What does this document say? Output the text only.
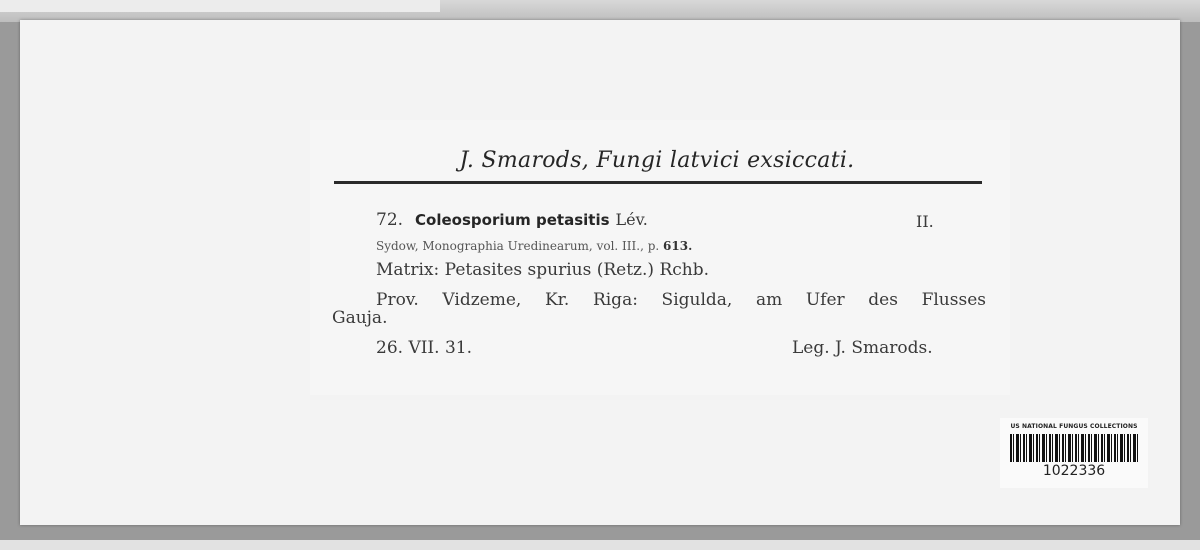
J. Smarods, Fungi latvici exsiccati.
72. Coleosporium petasitis Lév.	II.
Sydow, Monographia Uredinearum, vol. III., p. 613.
Matrix: Petasites spurius (Retz.) Rchb.
Prov. Vidzeme, Kr. Riga: Sigulda, am Ufer des Flusses
Gauja.
26. VII. 31.	Leg. J. Smarods.
US NATIONAL FUNGUS COLLECTIONS
1022336
